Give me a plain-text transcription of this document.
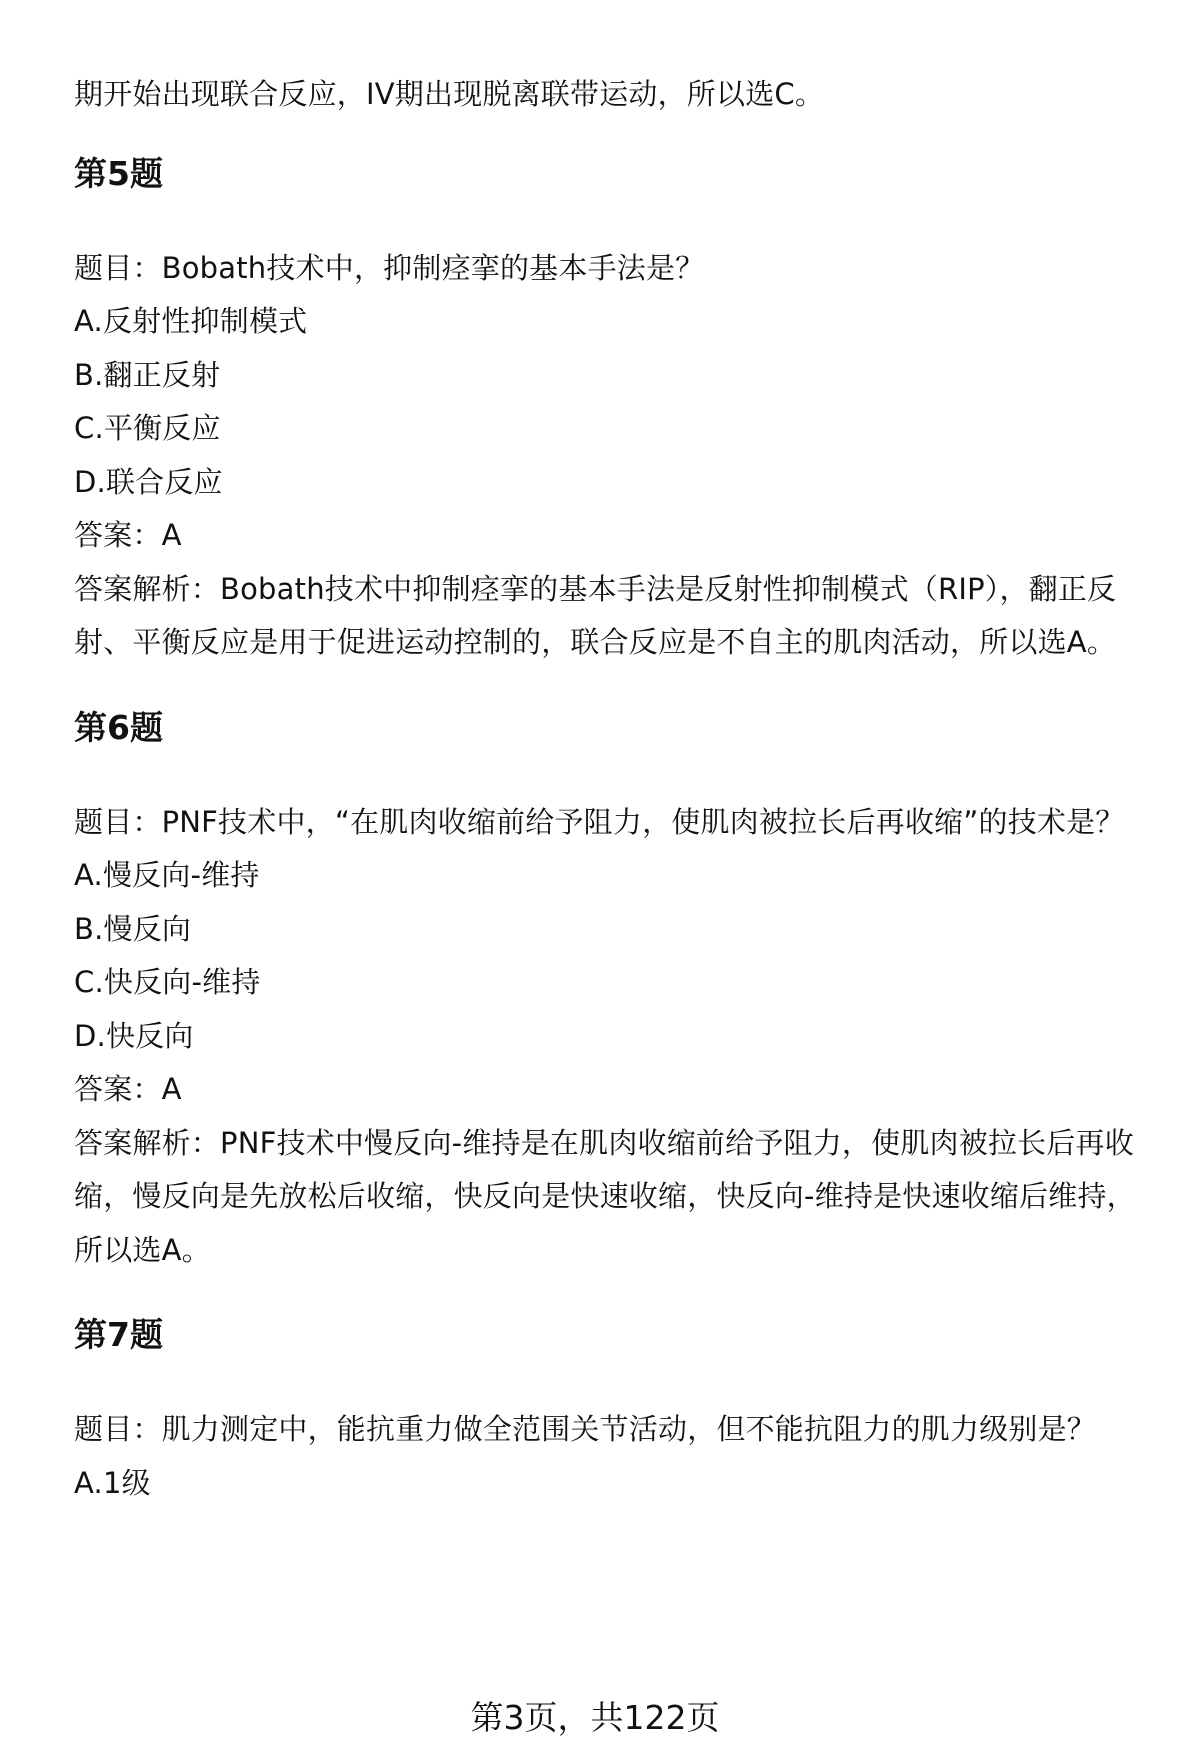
期开始出现联合反应，IV期出现脱离联带运动，所以选C。
第5题
题目：Bobath技术中，抑制痉挛的基本手法是？
A.反射性抑制模式
B.翻正反射
C.平衡反应
D.联合反应
答案：A
答案解析：Bobath技术中抑制痉挛的基本手法是反射性抑制模式（RIP），翻正反
射、平衡反应是用于促进运动控制的，联合反应是不自主的肌肉活动，所以选A。
第6题
题目：PNF技术中，“在肌肉收缩前给予阻力，使肌肉被拉长后再收缩”的技术是？
A.慢反向-维持
B.慢反向
C.快反向-维持
D.快反向
答案：A
答案解析：PNF技术中慢反向-维持是在肌肉收缩前给予阻力，使肌肉被拉长后再收
缩，慢反向是先放松后收缩，快反向是快速收缩，快反向-维持是快速收缩后维持，
所以选A。
第7题
题目：肌力测定中，能抗重力做全范围关节活动，但不能抗阻力的肌力级别是？
A.1级
第3页，共122页
